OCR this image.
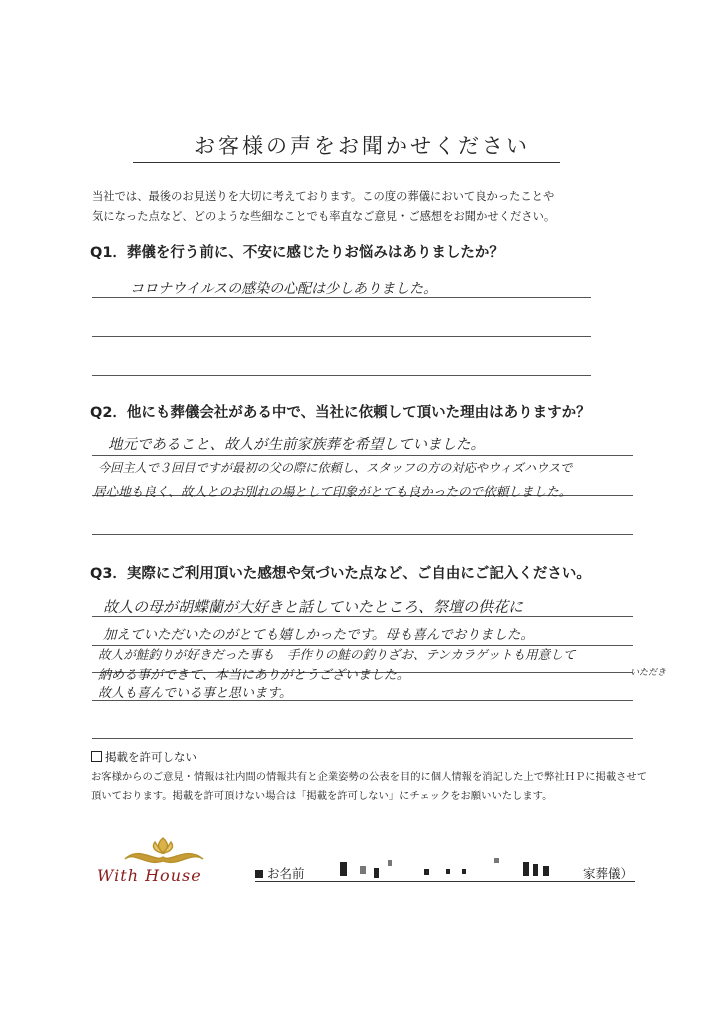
お客様の声をお聞かせください
当社では、最後のお見送りを大切に考えております。この度の葬儀において良かったことや
気になった点など、どのような些細なことでも率直なご意見・ご感想をお聞かせください。
Q1．葬儀を行う前に、不安に感じたりお悩みはありましたか？
コロナウイルスの感染の心配は少しありました。
Q2．他にも葬儀会社がある中で、当社に依頼して頂いた理由はありますか？
地元であること、故人が生前家族葬を希望していました。
今回主人で３回目ですが最初の父の際に依頼し、スタッフの方の対応やウィズハウスで
居心地も良く、故人とのお別れの場として印象がとても良かったので依頼しました。
Q3．実際にご利用頂いた感想や気づいた点など、ご自由にご記入ください。
故人の母が胡蝶蘭が大好きと話していたところ、祭壇の供花に
加えていただいたのがとても嬉しかったです。母も喜んでおりました。
故人が鮭釣りが好きだった事も　手作りの鮭の釣りざお、テンカラゲットも用意して
いただき
納める事ができて、本当にありがとうございました。
故人も喜んでいる事と思います。
掲載を許可しない
お客様からのご意見・情報は社内間の情報共有と企業姿勢の公表を目的に個人情報を消記した上で弊社ＨＰに掲載させて
頂いております。掲載を許可頂けない場合は「掲載を許可しない」にチェックをお願いいたします。
With House	お名前	家葬儀）
